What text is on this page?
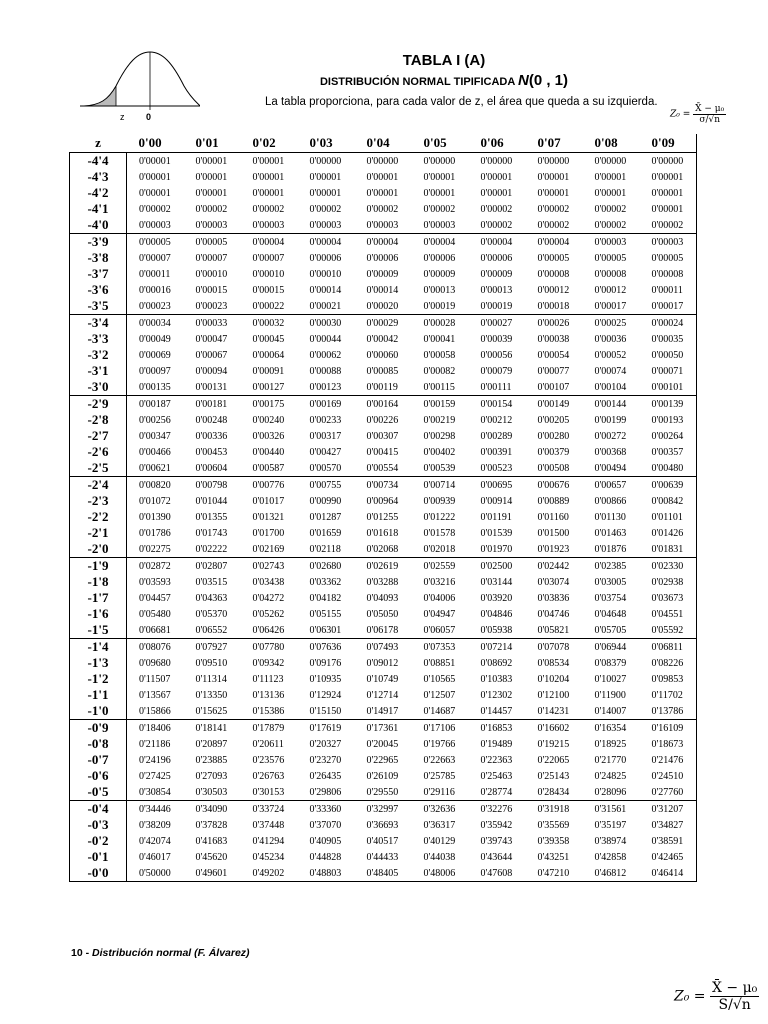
z 0
TABLA I (A)
DISTRIBUCIÓN NORMAL TIPIFICADA N(0 , 1)
La tabla proporciona, para cada valor de z, el área que queda a su izquierda.
$Z_0 = \frac{\text{X̄ − μ₀}}{\sigma/√n}$
z	0'00	0'01	0'02	0'03	0'04	0'05	0'06	0'07	0'08	0'09
-4'4	0'00001	0'00001	0'00001	0'00000	0'00000	0'00000	0'00000	0'00000	0'00000	0'00000
-4'3	0'00001	0'00001	0'00001	0'00001	0'00001	0'00001	0'00001	0'00001	0'00001	0'00001
-4'2	0'00001	0'00001	0'00001	0'00001	0'00001	0'00001	0'00001	0'00001	0'00001	0'00001
-4'1	0'00002	0'00002	0'00002	0'00002	0'00002	0'00002	0'00002	0'00002	0'00002	0'00001
-4'0	0'00003	0'00003	0'00003	0'00003	0'00003	0'00003	0'00002	0'00002	0'00002	0'00002
-3'9	0'00005	0'00005	0'00004	0'00004	0'00004	0'00004	0'00004	0'00004	0'00003	0'00003
-3'8	0'00007	0'00007	0'00007	0'00006	0'00006	0'00006	0'00006	0'00005	0'00005	0'00005
-3'7	0'00011	0'00010	0'00010	0'00010	0'00009	0'00009	0'00009	0'00008	0'00008	0'00008
-3'6	0'00016	0'00015	0'00015	0'00014	0'00014	0'00013	0'00013	0'00012	0'00012	0'00011
-3'5	0'00023	0'00023	0'00022	0'00021	0'00020	0'00019	0'00019	0'00018	0'00017	0'00017
-3'4	0'00034	0'00033	0'00032	0'00030	0'00029	0'00028	0'00027	0'00026	0'00025	0'00024
-3'3	0'00049	0'00047	0'00045	0'00044	0'00042	0'00041	0'00039	0'00038	0'00036	0'00035
-3'2	0'00069	0'00067	0'00064	0'00062	0'00060	0'00058	0'00056	0'00054	0'00052	0'00050
-3'1	0'00097	0'00094	0'00091	0'00088	0'00085	0'00082	0'00079	0'00077	0'00074	0'00071
-3'0	0'00135	0'00131	0'00127	0'00123	0'00119	0'00115	0'00111	0'00107	0'00104	0'00101
-2'9	0'00187	0'00181	0'00175	0'00169	0'00164	0'00159	0'00154	0'00149	0'00144	0'00139
-2'8	0'00256	0'00248	0'00240	0'00233	0'00226	0'00219	0'00212	0'00205	0'00199	0'00193
-2'7	0'00347	0'00336	0'00326	0'00317	0'00307	0'00298	0'00289	0'00280	0'00272	0'00264
-2'6	0'00466	0'00453	0'00440	0'00427	0'00415	0'00402	0'00391	0'00379	0'00368	0'00357
-2'5	0'00621	0'00604	0'00587	0'00570	0'00554	0'00539	0'00523	0'00508	0'00494	0'00480
-2'4	0'00820	0'00798	0'00776	0'00755	0'00734	0'00714	0'00695	0'00676	0'00657	0'00639
-2'3	0'01072	0'01044	0'01017	0'00990	0'00964	0'00939	0'00914	0'00889	0'00866	0'00842
-2'2	0'01390	0'01355	0'01321	0'01287	0'01255	0'01222	0'01191	0'01160	0'01130	0'01101
-2'1	0'01786	0'01743	0'01700	0'01659	0'01618	0'01578	0'01539	0'01500	0'01463	0'01426
-2'0	0'02275	0'02222	0'02169	0'02118	0'02068	0'02018	0'01970	0'01923	0'01876	0'01831
-1'9	0'02872	0'02807	0'02743	0'02680	0'02619	0'02559	0'02500	0'02442	0'02385	0'02330
-1'8	0'03593	0'03515	0'03438	0'03362	0'03288	0'03216	0'03144	0'03074	0'03005	0'02938
-1'7	0'04457	0'04363	0'04272	0'04182	0'04093	0'04006	0'03920	0'03836	0'03754	0'03673
-1'6	0'05480	0'05370	0'05262	0'05155	0'05050	0'04947	0'04846	0'04746	0'04648	0'04551
-1'5	0'06681	0'06552	0'06426	0'06301	0'06178	0'06057	0'05938	0'05821	0'05705	0'05592
-1'4	0'08076	0'07927	0'07780	0'07636	0'07493	0'07353	0'07214	0'07078	0'06944	0'06811
-1'3	0'09680	0'09510	0'09342	0'09176	0'09012	0'08851	0'08692	0'08534	0'08379	0'08226
-1'2	0'11507	0'11314	0'11123	0'10935	0'10749	0'10565	0'10383	0'10204	0'10027	0'09853
-1'1	0'13567	0'13350	0'13136	0'12924	0'12714	0'12507	0'12302	0'12100	0'11900	0'11702
-1'0	0'15866	0'15625	0'15386	0'15150	0'14917	0'14687	0'14457	0'14231	0'14007	0'13786
-0'9	0'18406	0'18141	0'17879	0'17619	0'17361	0'17106	0'16853	0'16602	0'16354	0'16109
-0'8	0'21186	0'20897	0'20611	0'20327	0'20045	0'19766	0'19489	0'19215	0'18925	0'18673
-0'7	0'24196	0'23885	0'23576	0'23270	0'22965	0'22663	0'22363	0'22065	0'21770	0'21476
-0'6	0'27425	0'27093	0'26763	0'26435	0'26109	0'25785	0'25463	0'25143	0'24825	0'24510
-0'5	0'30854	0'30503	0'30153	0'29806	0'29550	0'29116	0'28774	0'28434	0'28096	0'27760
-0'4	0'34446	0'34090	0'33724	0'33360	0'32997	0'32636	0'32276	0'31918	0'31561	0'31207
-0'3	0'38209	0'37828	0'37448	0'37070	0'36693	0'36317	0'35942	0'35569	0'35197	0'34827
-0'2	0'42074	0'41683	0'41294	0'40905	0'40517	0'40129	0'39743	0'39358	0'38974	0'38591
-0'1	0'46017	0'45620	0'45234	0'44828	0'44433	0'44038	0'43644	0'43251	0'42858	0'42465
-0'0	0'50000	0'49601	0'49202	0'48803	0'48405	0'48006	0'47608	0'47210	0'46812	0'46414
10 - Distribución normal (F. Álvarez)
$Z_0 = \frac{\text{X̄ − μ₀}}{S/√n}$
